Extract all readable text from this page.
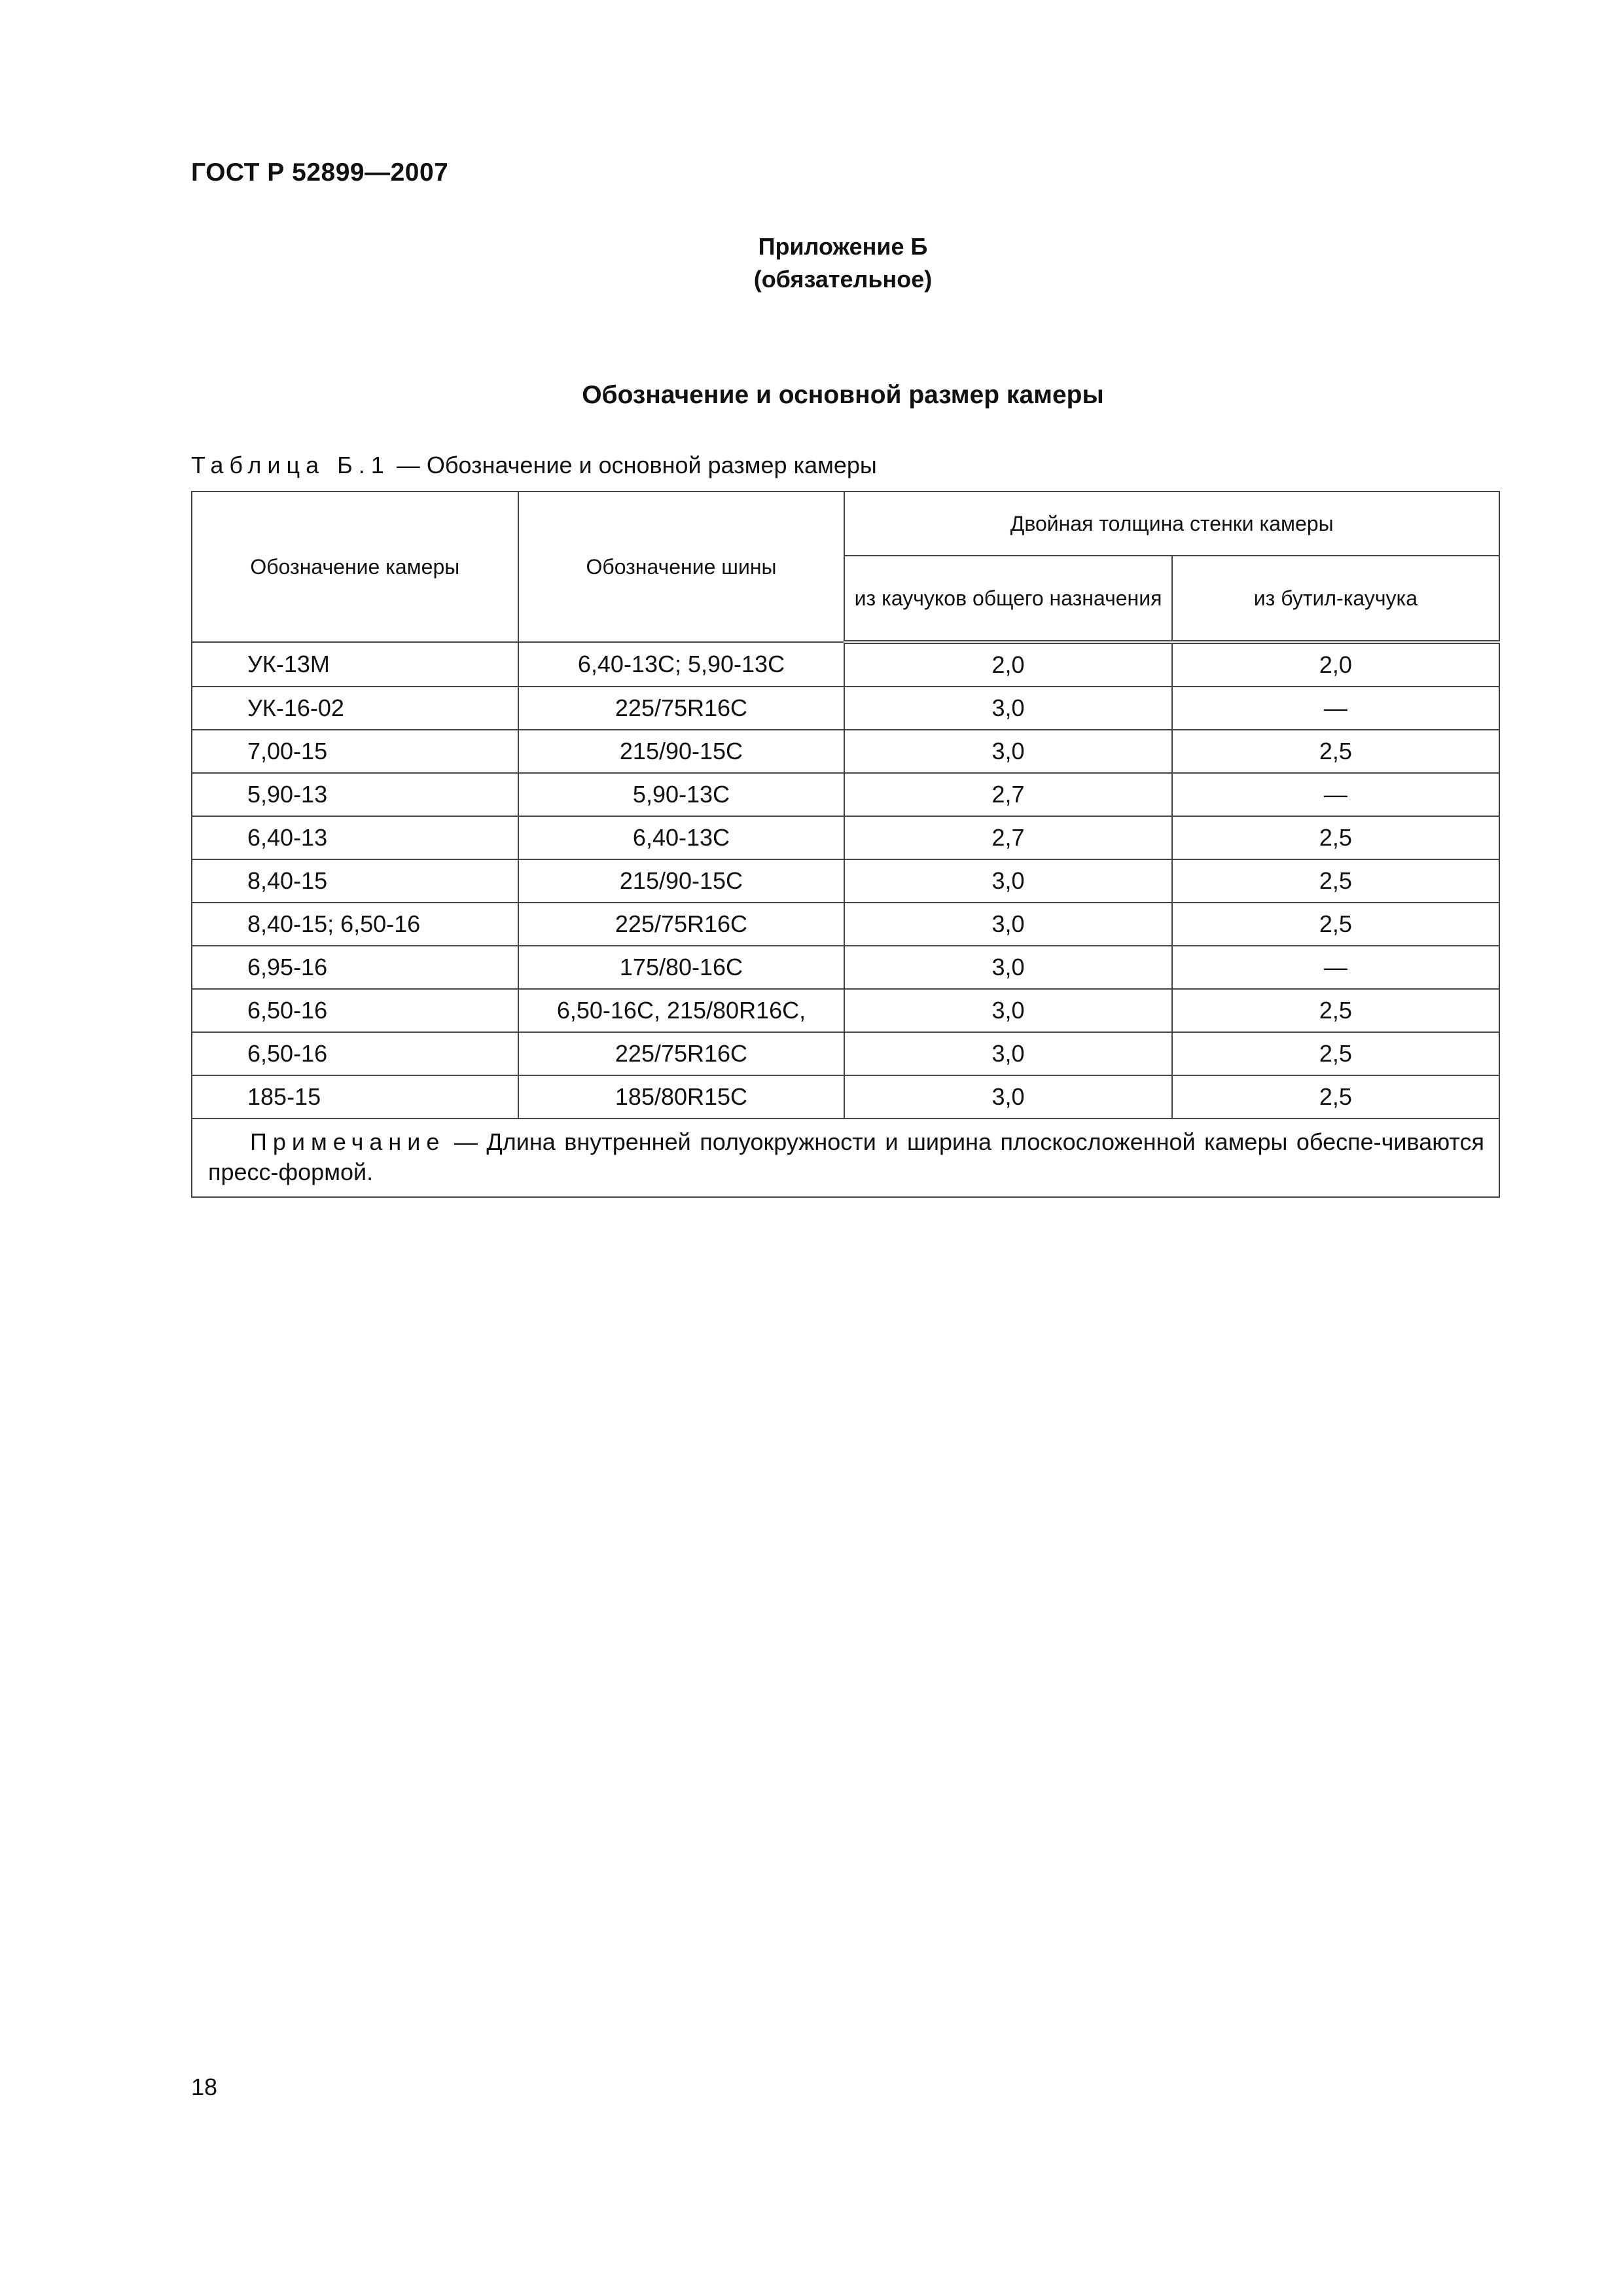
ГОСТ Р 52899—2007
Приложение Б
(обязательное)
Обозначение и основной размер камеры
Таблица Б.1 — Обозначение и основной размер камеры
Обозначение камеры	Обозначение шины	Двойная толщина стенки камеры	
		из каучуков общего назначения	из бутил-каучука
УК-13М	6,40-13С; 5,90-13С	2,0	2,0
УК-16-02	225/75R16С	3,0	—
7,00-15	215/90-15С	3,0	2,5
5,90-13	5,90-13С	2,7	—
6,40-13	6,40-13С	2,7	2,5
8,40-15	215/90-15С	3,0	2,5
8,40-15; 6,50-16	225/75R16С	3,0	2,5
6,95-16	175/80-16С	3,0	—
6,50-16	6,50-16С, 215/80R16С,	3,0	2,5
6,50-16	225/75R16С	3,0	2,5
185-15	185/80R15С	3,0	2,5
Примечание — Длина внутренней полуокружности и ширина плоскосложенной камеры обеспе-чиваются пресс-формой.			
18
